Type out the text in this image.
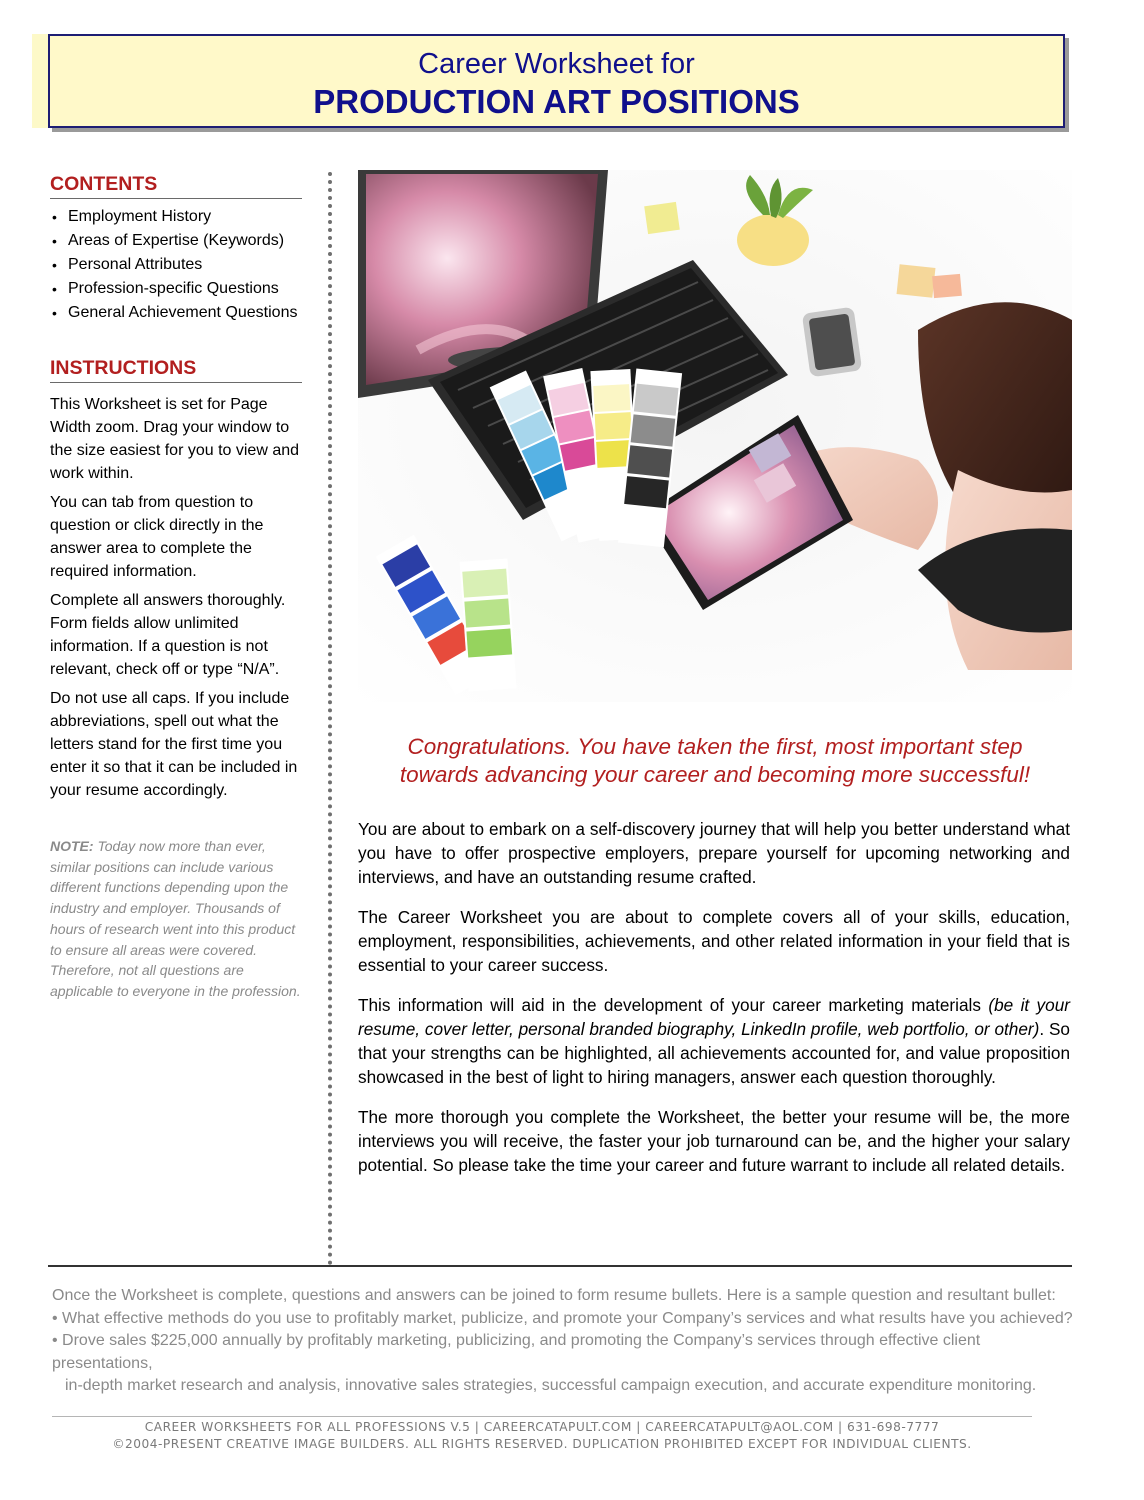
Career Worksheet for
PRODUCTION ART POSITIONS
CONTENTS
• Employment History
• Areas of Expertise (Keywords)
• Personal Attributes
• Profession-specific Questions
• General Achievement Questions
INSTRUCTIONS

This Worksheet is set for Page Width zoom. Drag your window to the size easiest for you to view and work within.

You can tab from question to question or click directly in the answer area to complete the required information.

Complete all answers thoroughly. Form fields allow unlimited information. If a question is not relevant, check off or type “N/A”.

Do not use all caps. If you include abbreviations, spell out what the letters stand for the first time you enter it so that it can be included in your resume accordingly.

NOTE: Today now more than ever, similar positions can include various different functions depending upon the industry and employer. Thousands of hours of research went into this product to ensure all areas were covered. Therefore, not all questions are applicable to everyone in the profession.
Congratulations. You have taken the first, most important step
towards advancing your career and becoming more successful!

You are about to embark on a self-discovery journey that will help you better understand what you have to offer prospective employers, prepare yourself for upcoming networking and interviews, and have an outstanding resume crafted.

The Career Worksheet you are about to complete covers all of your skills, education, employment, responsibilities, achievements, and other related information in your field that is essential to your career success.

This information will aid in the development of your career marketing materials (be it your resume, cover letter, personal branded biography, LinkedIn profile, web portfolio, or other). So that your strengths can be highlighted, all achievements accounted for, and value proposition showcased in the best of light to hiring managers, answer each question thoroughly.

The more thorough you complete the Worksheet, the better your resume will be, the more interviews you will receive, the faster your job turnaround can be, and the higher your salary potential. So please take the time your career and future warrant to include all related details.

Once the Worksheet is complete, questions and answers can be joined to form resume bullets. Here is a sample question and resultant bullet:
• What effective methods do you use to profitably market, publicize, and promote your Company’s services and what results have you achieved?
• Drove sales $225,000 annually by profitably marketing, publicizing, and promoting the Company’s services through effective client presentations,
in-depth market research and analysis, innovative sales strategies, successful campaign execution, and accurate expenditure monitoring.
CAREER WORKSHEETS FOR ALL PROFESSIONS V.5 | CAREERCATAPULT.COM | CAREERCATAPULT@AOL.COM | 631-698-7777
©2004-PRESENT CREATIVE IMAGE BUILDERS. ALL RIGHTS RESERVED. DUPLICATION PROHIBITED EXCEPT FOR INDIVIDUAL CLIENTS.
